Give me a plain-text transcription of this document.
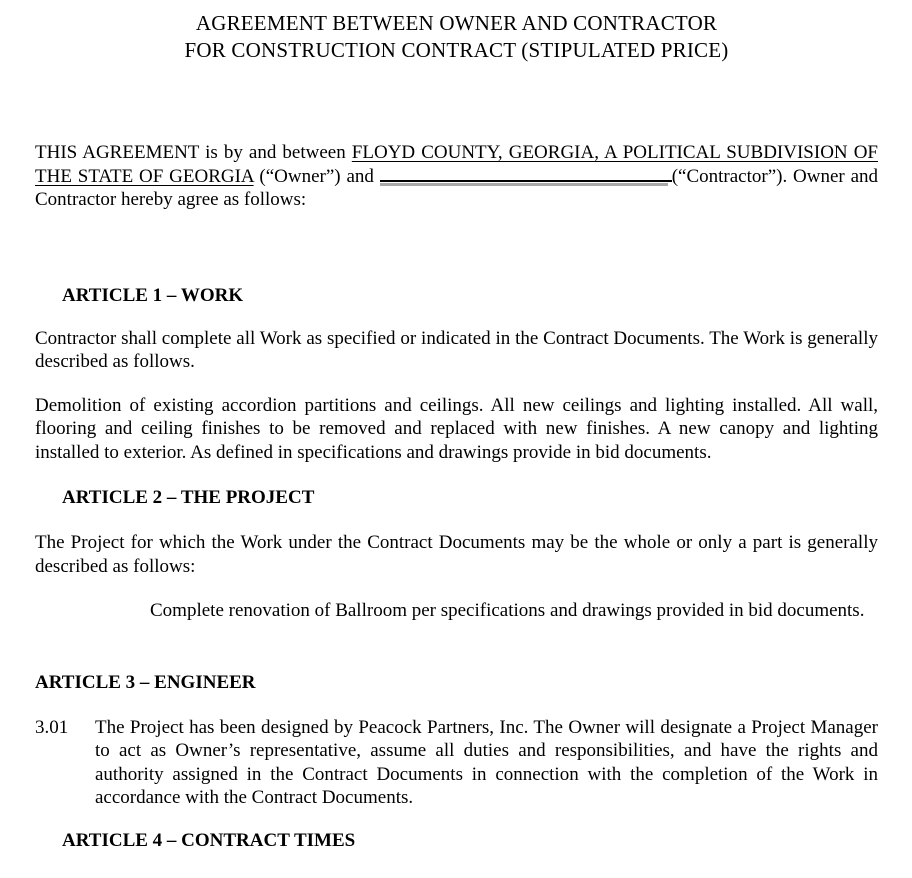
AGREEMENT BETWEEN OWNER AND CONTRACTOR
FOR CONSTRUCTION CONTRACT (STIPULATED PRICE)

THIS AGREEMENT is by and between FLOYD COUNTY, GEORGIA, A POLITICAL SUBDIVISION OF THE STATE OF GEORGIA (“Owner”) and	(“Contractor”). Owner and Contractor hereby agree as follows:

ARTICLE 1 – WORK

Contractor shall complete all Work as specified or indicated in the Contract Documents. The Work is generally described as follows.

Demolition of existing accordion partitions and ceilings. All new ceilings and lighting installed. All wall, flooring and ceiling finishes to be removed and replaced with new finishes. A new canopy and lighting installed to exterior. As defined in specifications and drawings provide in bid documents.

ARTICLE 2 – THE PROJECT

The Project for which the Work under the Contract Documents may be the whole or only a part is generally described as follows:

Complete renovation of Ballroom per specifications and drawings provided in bid documents.

ARTICLE 3 – ENGINEER
3.01	The Project has been designed by Peacock Partners, Inc. The Owner will designate a Project Manager to act as Owner’s representative, assume all duties and responsibilities, and have the rights and authority assigned in the Contract Documents in connection with the completion of the Work in accordance with the Contract Documents.
ARTICLE 4 – CONTRACT TIMES
